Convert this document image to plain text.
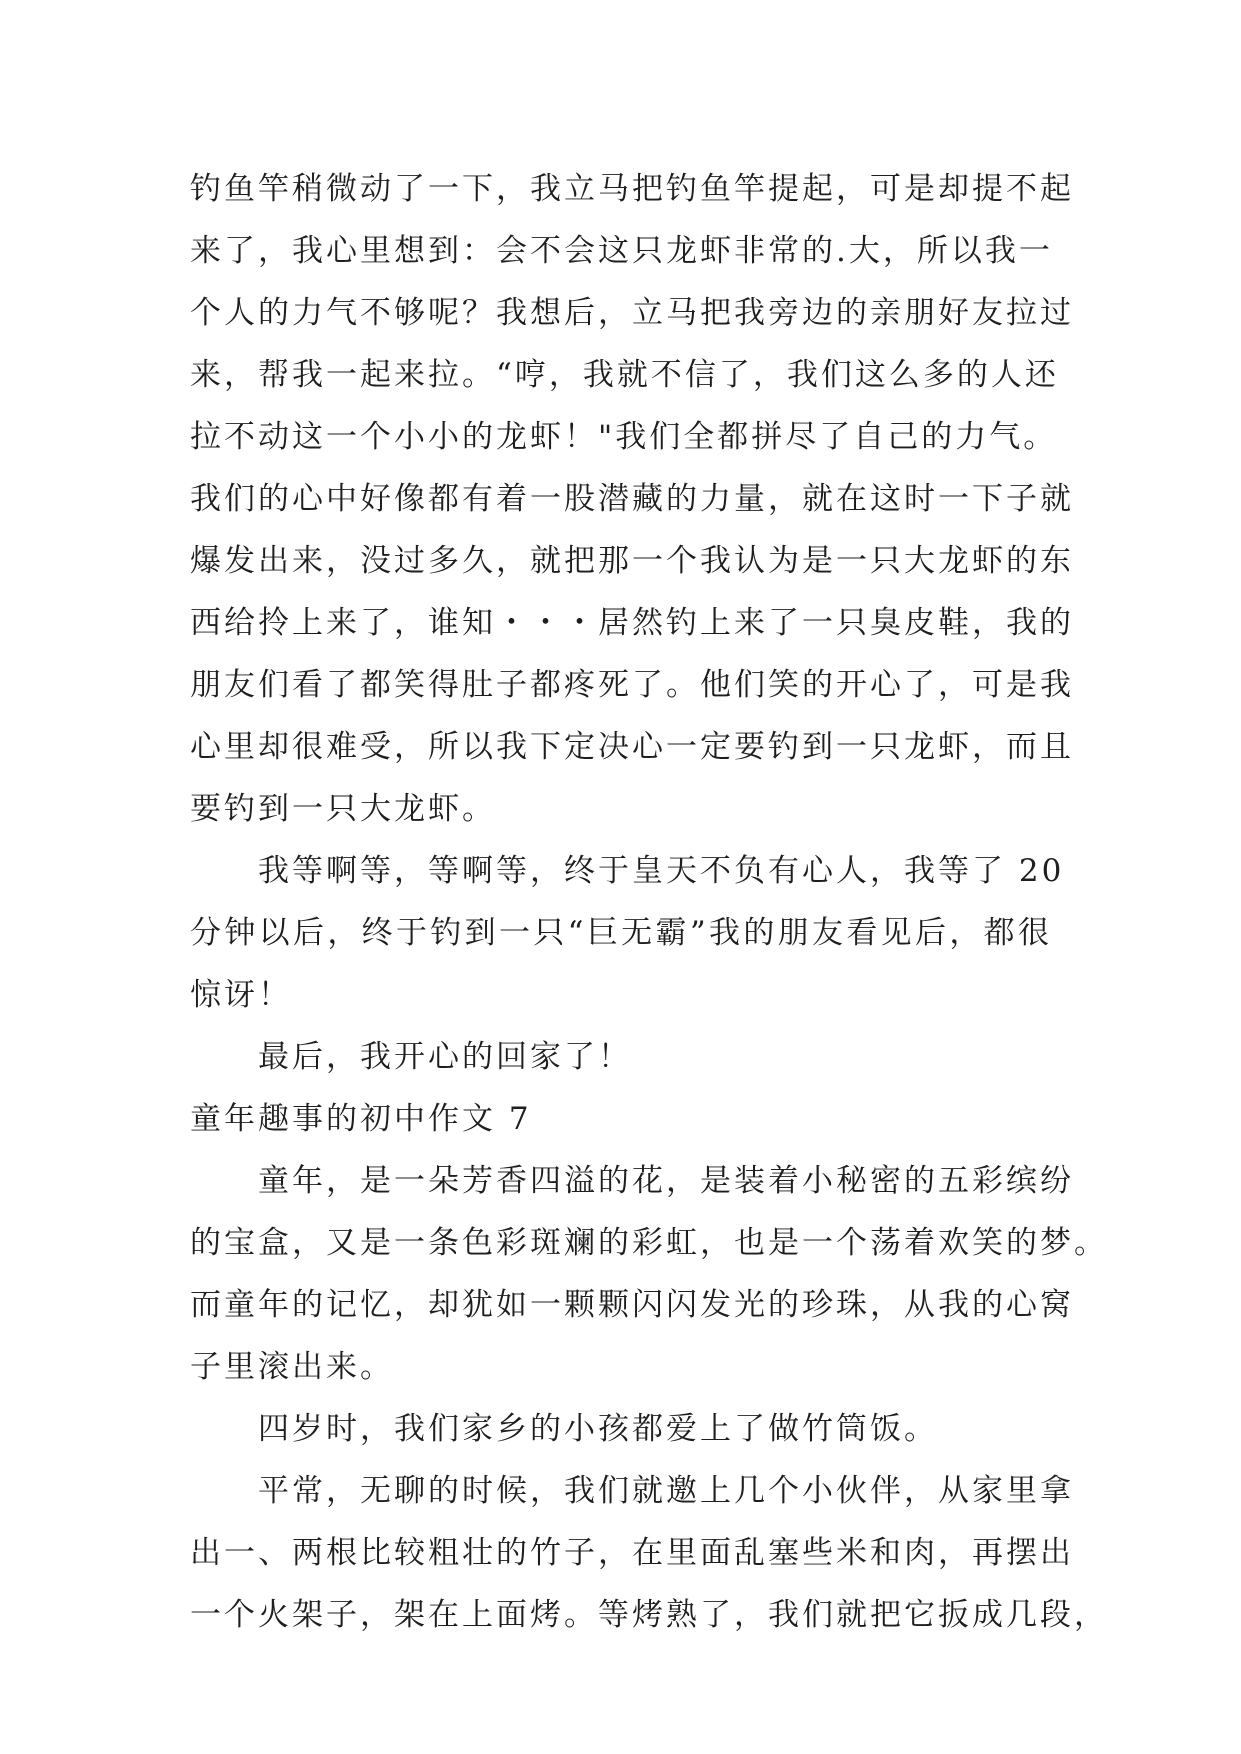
钓鱼竿稍微动了一下，我立马把钓鱼竿提起，可是却提不起
来了，我心里想到：会不会这只龙虾非常的.大，所以我一
个人的力气不够呢？我想后，立马把我旁边的亲朋好友拉过
来，帮我一起来拉。“哼，我就不信了，我们这么多的人还
拉不动这一个小小的龙虾！"我们全都拼尽了自己的力气。
我们的心中好像都有着一股潜藏的力量，就在这时一下子就
爆发出来，没过多久，就把那一个我认为是一只大龙虾的东
西给拎上来了，谁知・・・居然钓上来了一只臭皮鞋，我的
朋友们看了都笑得肚子都疼死了。他们笑的开心了，可是我
心里却很难受，所以我下定决心一定要钓到一只龙虾，而且
要钓到一只大龙虾。
我等啊等，等啊等，终于皇天不负有心人，我等了 20
分钟以后，终于钓到一只“巨无霸”我的朋友看见后，都很
惊讶！
最后，我开心的回家了！
童年趣事的初中作文 7
童年，是一朵芳香四溢的花，是装着小秘密的五彩缤纷
的宝盒，又是一条色彩斑斓的彩虹，也是一个荡着欢笑的梦。
而童年的记忆，却犹如一颗颗闪闪发光的珍珠，从我的心窝
子里滚出来。
四岁时，我们家乡的小孩都爱上了做竹筒饭。
平常，无聊的时候，我们就邀上几个小伙伴，从家里拿
出一、两根比较粗壮的竹子，在里面乱塞些米和肉，再摆出
一个火架子，架在上面烤。等烤熟了，我们就把它扳成几段，
